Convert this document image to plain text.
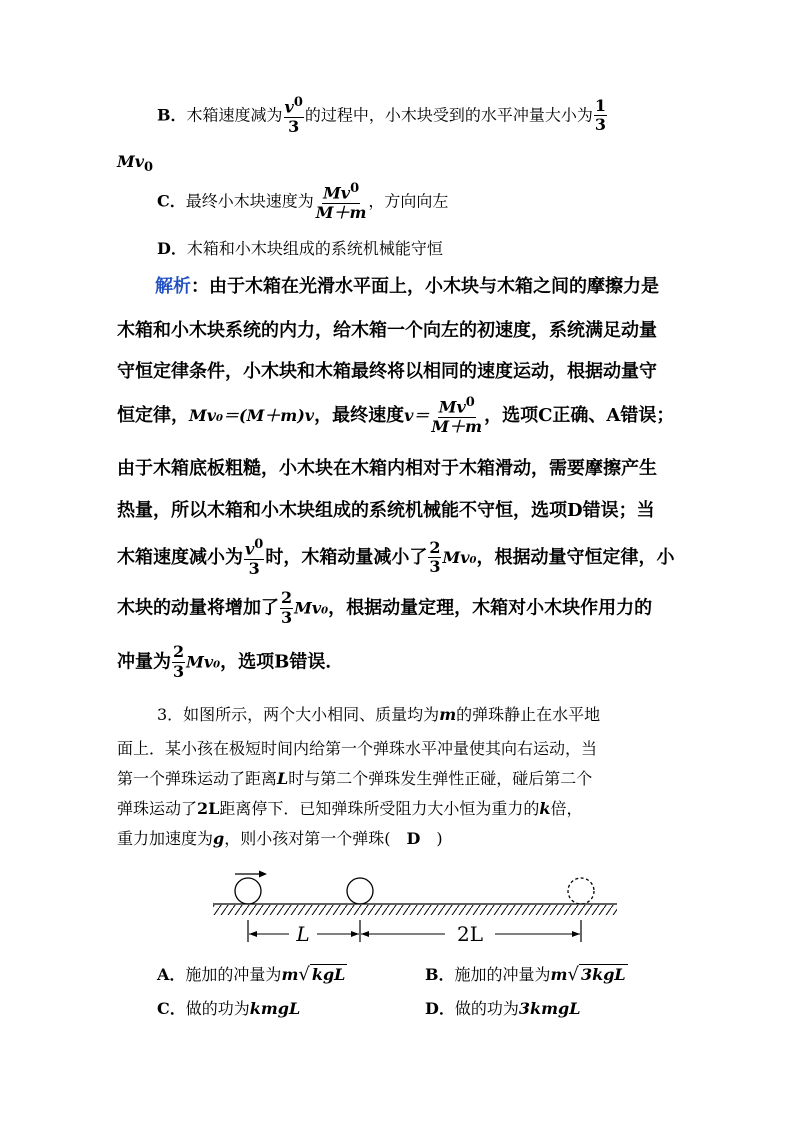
B．木箱速度减为 $\frac{v^0}{3}$ 的过程中，小木块受到的水平冲量大小为 $\frac{1}{3}$
$Mv_0$
C．最终小木块速度为 $\frac{Mv^0}{M+m}$ ，方向向左
D．木箱和小木块组成的系统机械能守恒
解析：由于木箱在光滑水平面上，小木块与木箱之间的摩擦力是
木箱和小木块系统的内力，给木箱一个向左的初速度，系统满足动量
守恒定律条件，小木块和木箱最终将以相同的速度运动，根据动量守
恒定律，Mv₀＝(M＋m)v，最终速度$v= \frac{Mv^0}{M+m}$ ，选项C正确、A错误；
由于木箱底板粗糙，小木块在木箱内相对于木箱滑动，需要摩擦产生
热量，所以木箱和小木块组成的系统机械能不守恒，选项D错误；当
木箱速度减小为 $\frac{v^0}{3}$ 时，木箱动量减小了 $\frac{2}{3} Mv_0$，根据动量守恒定律，小
木块的动量将增加了 $\frac{2}{3} Mv_0$，根据动量定理，木箱对小木块作用力的
冲量为 $\frac{2}{3} Mv_0$，选项B错误．
3．如图所示，两个大小相同、质量均为m的弹珠静止在水平地
面上．某小孩在极短时间内给第一个弹珠水平冲量使其向右运动，当
第一个弹珠运动了距离L时与第二个弹珠发生弹性正碰，碰后第二个
弹珠运动了2L距离停下．已知弹珠所受阻力大小恒为重力的k倍，
重力加速度为g，则小孩对第一个弹珠( D )
L	2L
A．施加的冲量为m√ kgL	B．施加的冲量为m√ 3kgL
C．做的功为kmgL	D．做的功为3kmgL
